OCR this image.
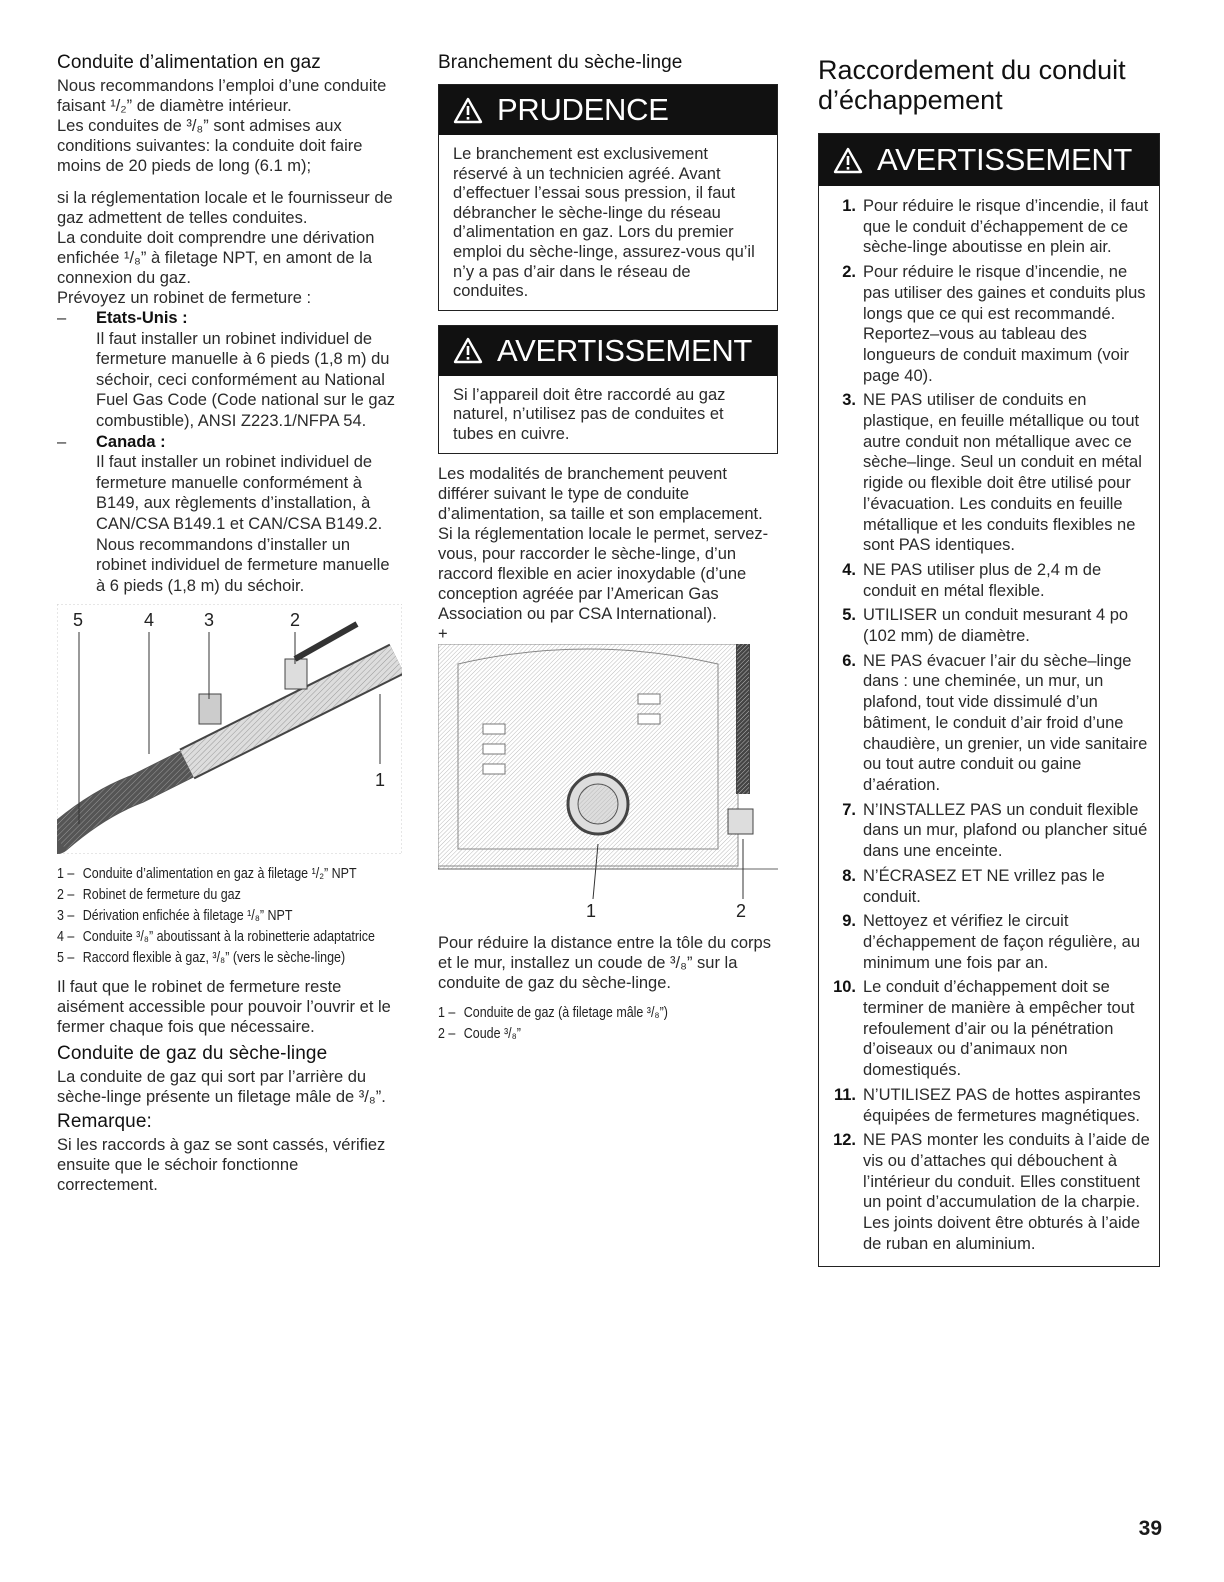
Conduite d’alimentation en gaz

Nous recommandons l’emploi d’une conduite faisant ¹/₂” de diamètre intérieur.

Les conduites de ³/₈” sont admises aux conditions suivantes: la conduite doit faire moins de 20 pieds de long (6.1 m);

si la réglementation locale et le fournisseur de gaz admettent de telles conduites.

La conduite doit comprendre une dérivation enfichée ¹/₈” à filetage NPT, en amont de la connexion du gaz.

Prévoyez un robinet de fermeture :

– Etats-Unis :
Il faut installer un robinet individuel de fermeture manuelle à 6 pieds (1,8 m) du séchoir, ceci conformément au National Fuel Gas Code (Code national sur le gaz combustible), ANSI Z223.1/NFPA 54.
– Canada :
Il faut installer un robinet individuel de fermeture manuelle conformément à B149, aux règlements d’installation, à CAN/CSA B149.1 et CAN/CSA B149.2. Nous recommandons d’installer un robinet individuel de fermeture manuelle à 6 pieds (1,8 m) du séchoir.
5	4	3	2
1
1 – Conduite d’alimentation en gaz à filetage ¹/₂” NPT
2 – Robinet de fermeture du gaz
3 – Dérivation enfichée à filetage ¹/₈” NPT
4 – Conduite ³/₈” aboutissant à la robinetterie adaptatrice
5 – Raccord flexible à gaz, ³/₈” (vers le sèche-linge)

Il faut que le robinet de fermeture reste aisément accessible pour pouvoir l’ouvrir et le fermer chaque fois que nécessaire.

Conduite de gaz du sèche-linge

La conduite de gaz qui sort par l’arrière du sèche-linge présente un filetage mâle de ³/₈”.

Remarque:

Si les raccords à gaz se sont cassés, vérifiez ensuite que le séchoir fonctionne correctement.

Branchement du sèche-linge
PRUDENCE

Le branchement est exclusivement réservé à un technicien agréé. Avant d’effectuer l’essai sous pression, il faut débrancher le sèche-linge du réseau d’alimentation en gaz. Lors du premier emploi du sèche-linge, assurez-vous qu’il n’y a pas d’air dans le réseau de conduites.

AVERTISSEMENT

Si l’appareil doit être raccordé au gaz naturel, n’utilisez pas de conduites et tubes en cuivre.

Les modalités de branchement peuvent différer suivant le type de conduite d’alimentation, sa taille et son emplacement.

Si la réglementation locale le permet, servez-vous, pour raccorder le sèche-linge, d’un raccord flexible en acier inoxydable (d’une conception agréée par l’American Gas Association ou par CSA International).

+

1	2

Pour réduire la distance entre la tôle du corps et le mur, installez un coude de ³/₈” sur la conduite de gaz du sèche-linge.

1 – Conduite de gaz (à filetage mâle ³/₈”)
2 – Coude ³/₈”
Raccordement du conduit d’échappement
AVERTISSEMENT
1. Pour réduire le risque d’incendie, il faut que le conduit d’échappement de ce sèche-linge aboutisse en plein air.
2. Pour réduire le risque d’incendie, ne pas utiliser des gaines et conduits plus longs que ce qui est recommandé. Reportez–vous au tableau des longueurs de conduit maximum (voir page 40).
3. NE PAS utiliser de conduits en plastique, en feuille métallique ou tout autre conduit non métallique avec ce sèche–linge. Seul un conduit en métal rigide ou flexible doit être utilisé pour l’évacuation. Les conduits en feuille métallique et les conduits flexibles ne sont PAS identiques.
4. NE PAS utiliser plus de 2,4 m de conduit en métal flexible.
5. UTILISER un conduit mesurant 4 po (102 mm) de diamètre.
6. NE PAS évacuer l’air du sèche–linge dans : une cheminée, un mur, un plafond, tout vide dissimulé d’un bâtiment, le conduit d’air froid d’une chaudière, un grenier, un vide sanitaire ou tout autre conduit ou gaine d’aération.
7. N’INSTALLEZ PAS un conduit flexible dans un mur, plafond ou plancher situé dans une enceinte.
8. N’ÉCRASEZ ET NE vrillez pas le conduit.
9. Nettoyez et vérifiez le circuit d’échappement de façon régulière, au minimum une fois par an.
10. Le conduit d’échappement doit se terminer de manière à empêcher tout refoulement d’air ou la pénétration d’oiseaux ou d’animaux non domestiqués.
11. N’UTILISEZ PAS de hottes aspirantes équipées de fermetures magnétiques.
12. NE PAS monter les conduits à l’aide de vis ou d’attaches qui débouchent à l’intérieur du conduit. Elles constituent un point d’accumulation de la charpie. Les joints doivent être obturés à l’aide de ruban en aluminium.
39
